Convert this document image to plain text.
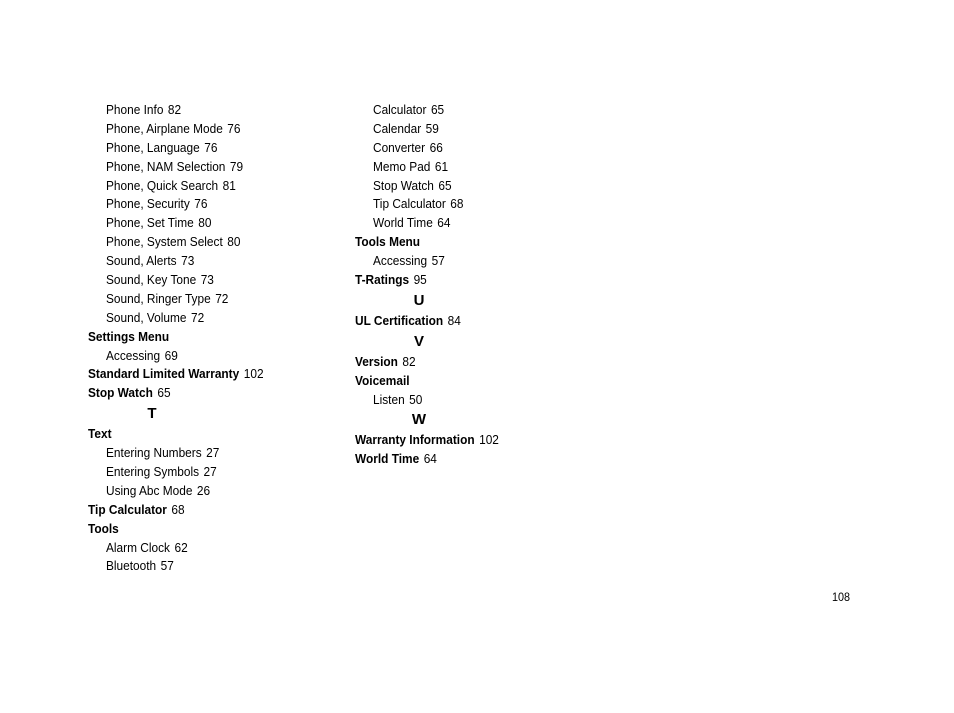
Phone Info 82
Phone, Airplane Mode 76
Phone, Language 76
Phone, NAM Selection 79
Phone, Quick Search 81
Phone, Security 76
Phone, Set Time 80
Phone, System Select 80
Sound, Alerts 73
Sound, Key Tone 73
Sound, Ringer Type 72
Sound, Volume 72
Settings Menu
Accessing 69
Standard Limited Warranty 102
Stop Watch 65
T
Text
Entering Numbers 27
Entering Symbols 27
Using Abc Mode 26
Tip Calculator 68
Tools
Alarm Clock 62
Bluetooth 57
Calculator 65
Calendar 59
Converter 66
Memo Pad 61
Stop Watch 65
Tip Calculator 68
World Time 64
Tools Menu
Accessing 57
T-Ratings 95
U
UL Certification 84
V
Version 82
Voicemail
Listen 50
W
Warranty Information 102
World Time 64
108
